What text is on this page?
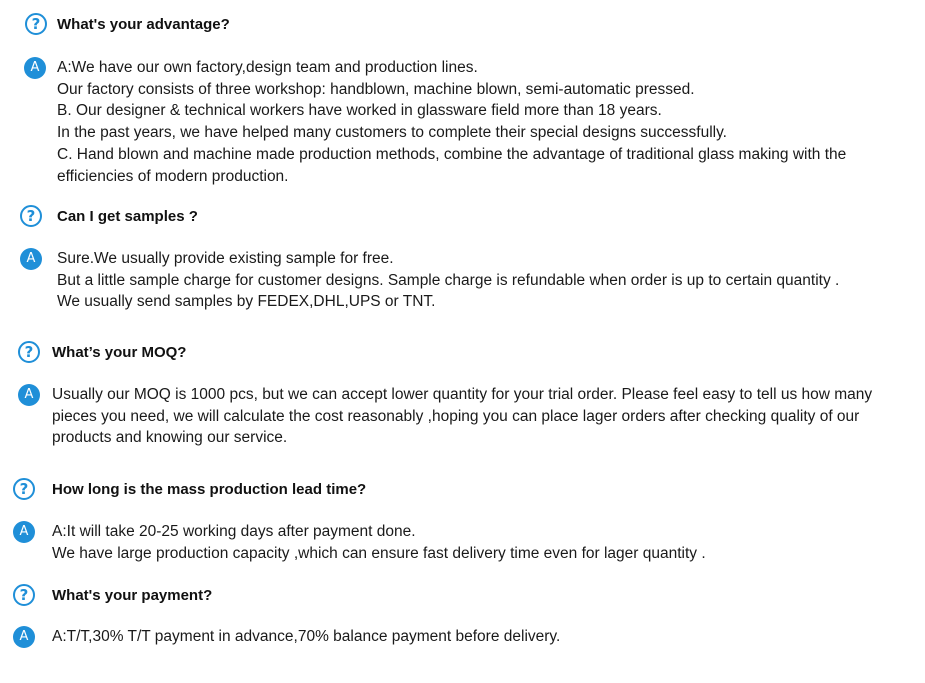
?	What's your advantage?
A	A:We have our own factory,design team and production lines.
Our factory consists of three workshop: handblown, machine blown, semi-automatic pressed.
B. Our designer & technical workers have worked in glassware field more than 18 years.
In the past years, we have helped many customers to complete their special designs successfully.
C. Hand blown and machine made production methods, combine the advantage of traditional glass making with the efficiencies of modern production.
?	Can I get samples ?
A	Sure.We usually provide existing sample for free.
But a little sample charge for customer designs. Sample charge is refundable when order is up to certain quantity .
We usually send samples by FEDEX,DHL,UPS or TNT.
?	What’s your MOQ?
A	Usually our MOQ is 1000 pcs, but we can accept lower quantity for your trial order. Please feel easy to tell us how many pieces you need, we will calculate the cost reasonably ,hoping you can place lager orders after checking quality of our products and knowing our service.
?	How long is the mass production lead time?
A	A:It will take 20-25 working days after payment done.
We have large production capacity ,which can ensure fast delivery time even for lager quantity .
?	What's your payment?
A	A:T/T,30% T/T payment in advance,70% balance payment before delivery.
